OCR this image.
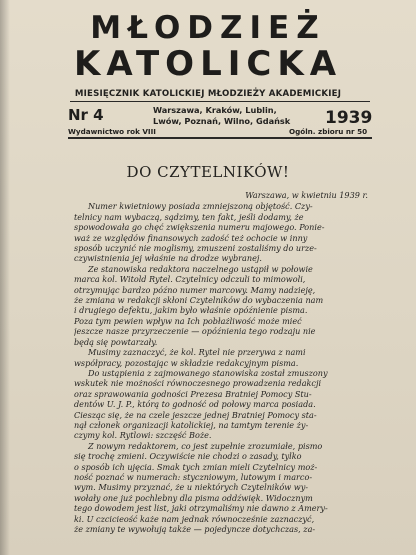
MŁODZIEŻ
KATOLICKA
MIESIĘCZNIK KATOLICKIEJ MŁODZIEŻY AKADEMICKIEJ
Nr 4	Warszawa, Kraków, Lublin,
Lwów, Poznań, Wilno, Gdańsk	1939
Wydawnictwo rok VIII	Ogóln. zbioru nr 50
DO CZYTELNIKÓW!

Warszawa, w kwietniu 1939 r.

Numer kwietniowy posiada zmniejszoną objętość. Czy-
telnicy nam wybaczą, sądzimy, ten fakt, jeśli dodamy, że
spowodowała go chęć zwiększenia numeru majowego. Ponie-
waż ze względów finansowych zadość też ochocie w inny
sposób uczynić nie moglismy, zmuszeni zostaliśmy do urze-
czywistnienia jej właśnie na drodze wybranej.
Ze stanowiska redaktora naczelnego ustąpił w połowie
marca kol. Witold Rytel. Czytelnicy odczuli to mimowoli,
otrzymując bardzo późno numer marcowy. Mamy nadzieję,
że zmiana w redakcji skłoni Czytelników do wybaczenia nam
i drugiego defektu, jakim było właśnie opóźnienie pisma.
Poza tym pewien wpływ na Ich pobłażliwość może mieć
jeszcze nasze przyrzeczenie — opóźnienia tego rodzaju nie
będą się powtarzały.
Musimy zaznaczyć, że kol. Rytel nie przerywa z nami
współpracy, pozostając w składzie redakcyjnym pisma.
Do ustąpienia z zajmowanego stanowiska został zmuszony
wskutek nie możności równoczesnego prowadzenia redakcji
oraz sprawowania godności Prezesa Bratniej Pomocy Stu-
dentów U. J. P., którą to godność od połowy marca posiada.
Ciesząc się, że na czele jeszcze jednej Bratniej Pomocy sta-
nął członek organizacji katolickiej, na tamtym terenie ży-
czymy kol. Rytlowi: szczęść Boże.
Z nowym redaktorem, co jest zupełnie zrozumiałe, pismo
się trochę zmieni. Oczywiście nie chodzi o zasady, tylko
o sposób ich ujęcia. Smak tych zmian mieli Czytelnicy moż-
ność poznać w numerach: styczniowym, lutowym i marco-
wym. Musimy przyznać, że u niektórych Czytelników wy-
wołały one już pochlebny dla pisma oddźwięk. Widocznym
tego dowodem jest list, jaki otrzymaliśmy nie dawno z Amery-
ki. U czcicieość każe nam jednak równocześnie zaznaczyć,
że zmiany te wywołują także — pojedyncze dotychczas, za-
